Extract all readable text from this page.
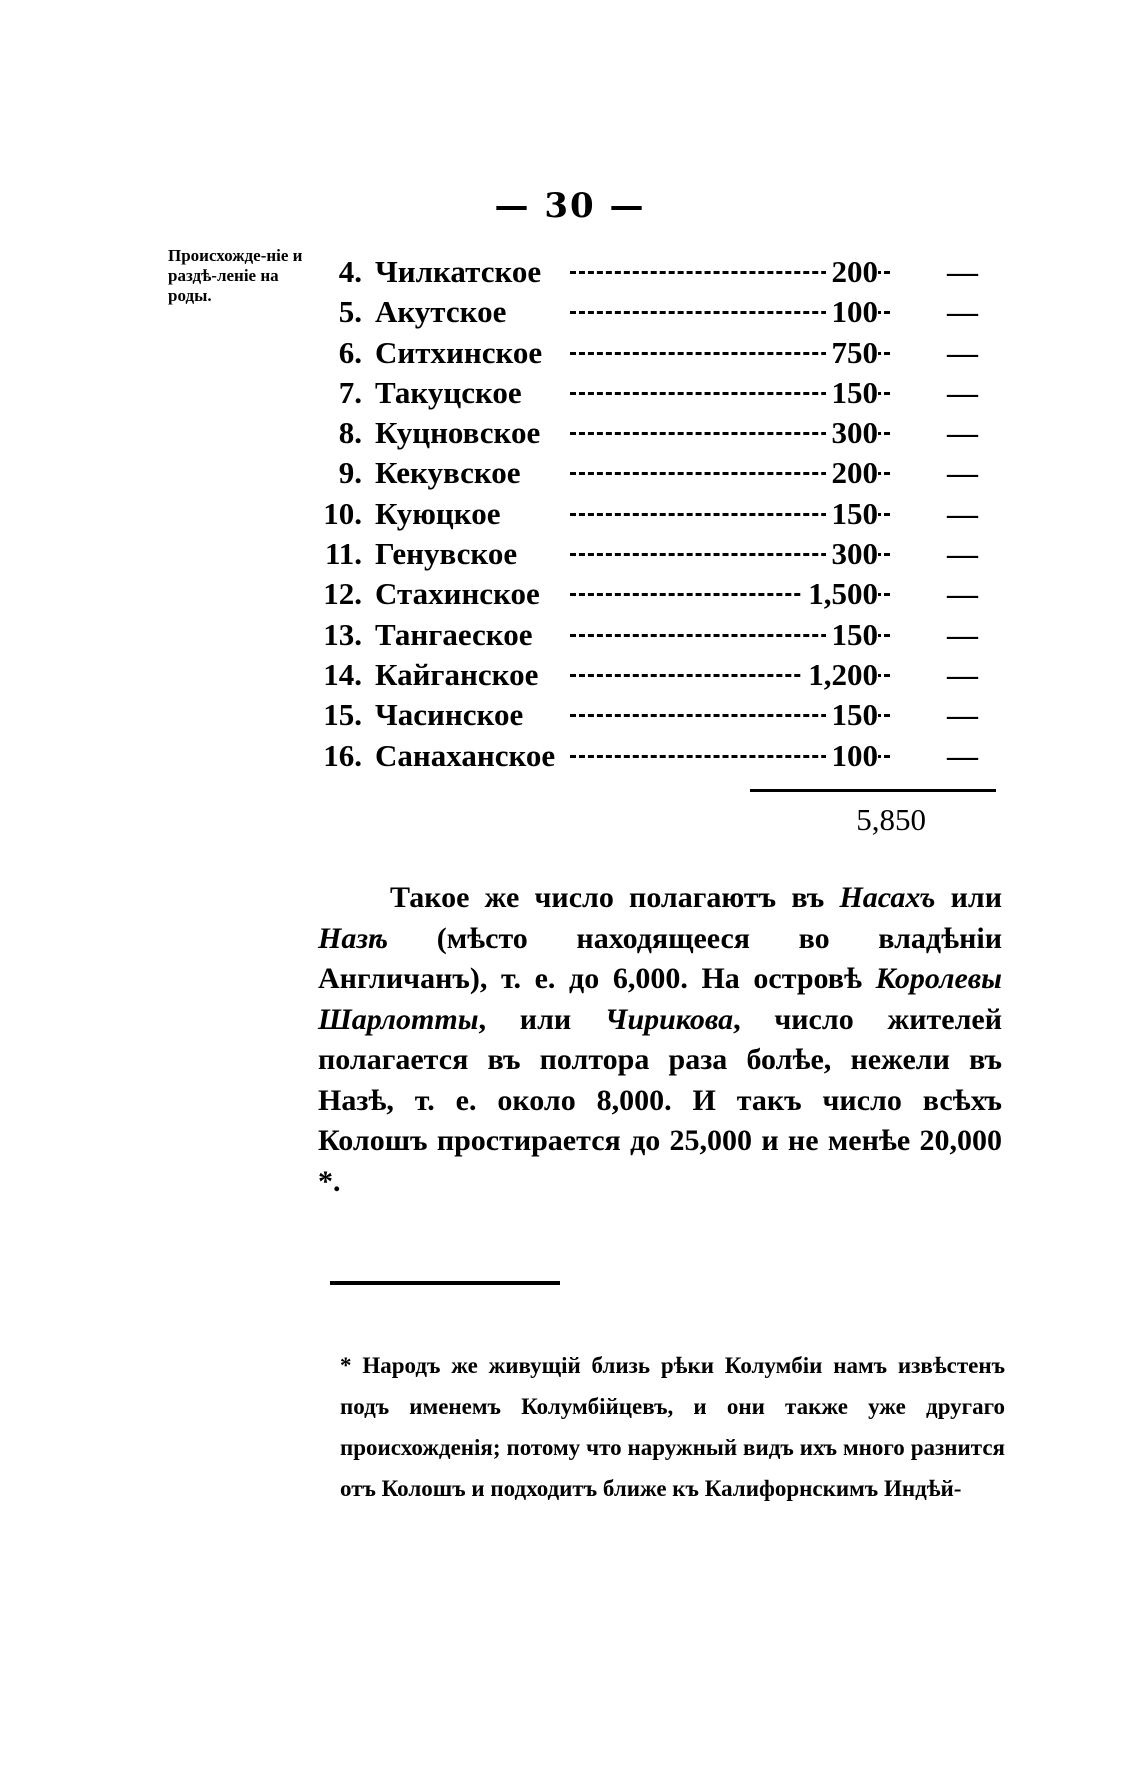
— 30 —
Происхожде-ніе и раздѣ-леніе на роды.
4. Чилкатское	200 —
5. Акутское	100 —
6. Ситхинское	750 —
7. Такуцское	150 —
8. Куцновское	300 —
9. Кекувское	200 —
10. Куюцкое	150 —
11. Генувское	300 —
12. Стахинское	1,500 —
13. Тангаеское	150 —
14. Кайганское	1,200 —
15. Часинское	150 —
16. Санаханское	100 —
5,850
Такое же число полагаютъ въ Насахъ или Назѣ (мѣсто находящееся во владѣніи Англичанъ), т. е. до 6,000. На островѣ Королевы Шарлотты, или Чирикова, число жителей полагается въ полтора раза болѣе, нежели въ Назѣ, т. е. около 8,000. И такъ число всѣхъ Колошъ простирается до 25,000 и не менѣе 20,000 *.
* Народъ же живущій близь рѣки Колумбіи намъ извѣстенъ подъ именемъ Колумбійцевъ, и они также уже другаго происхожденія; потому что наружный видъ ихъ много разнится отъ Колошъ и подходитъ ближе къ Калифорнскимъ Индѣй-
